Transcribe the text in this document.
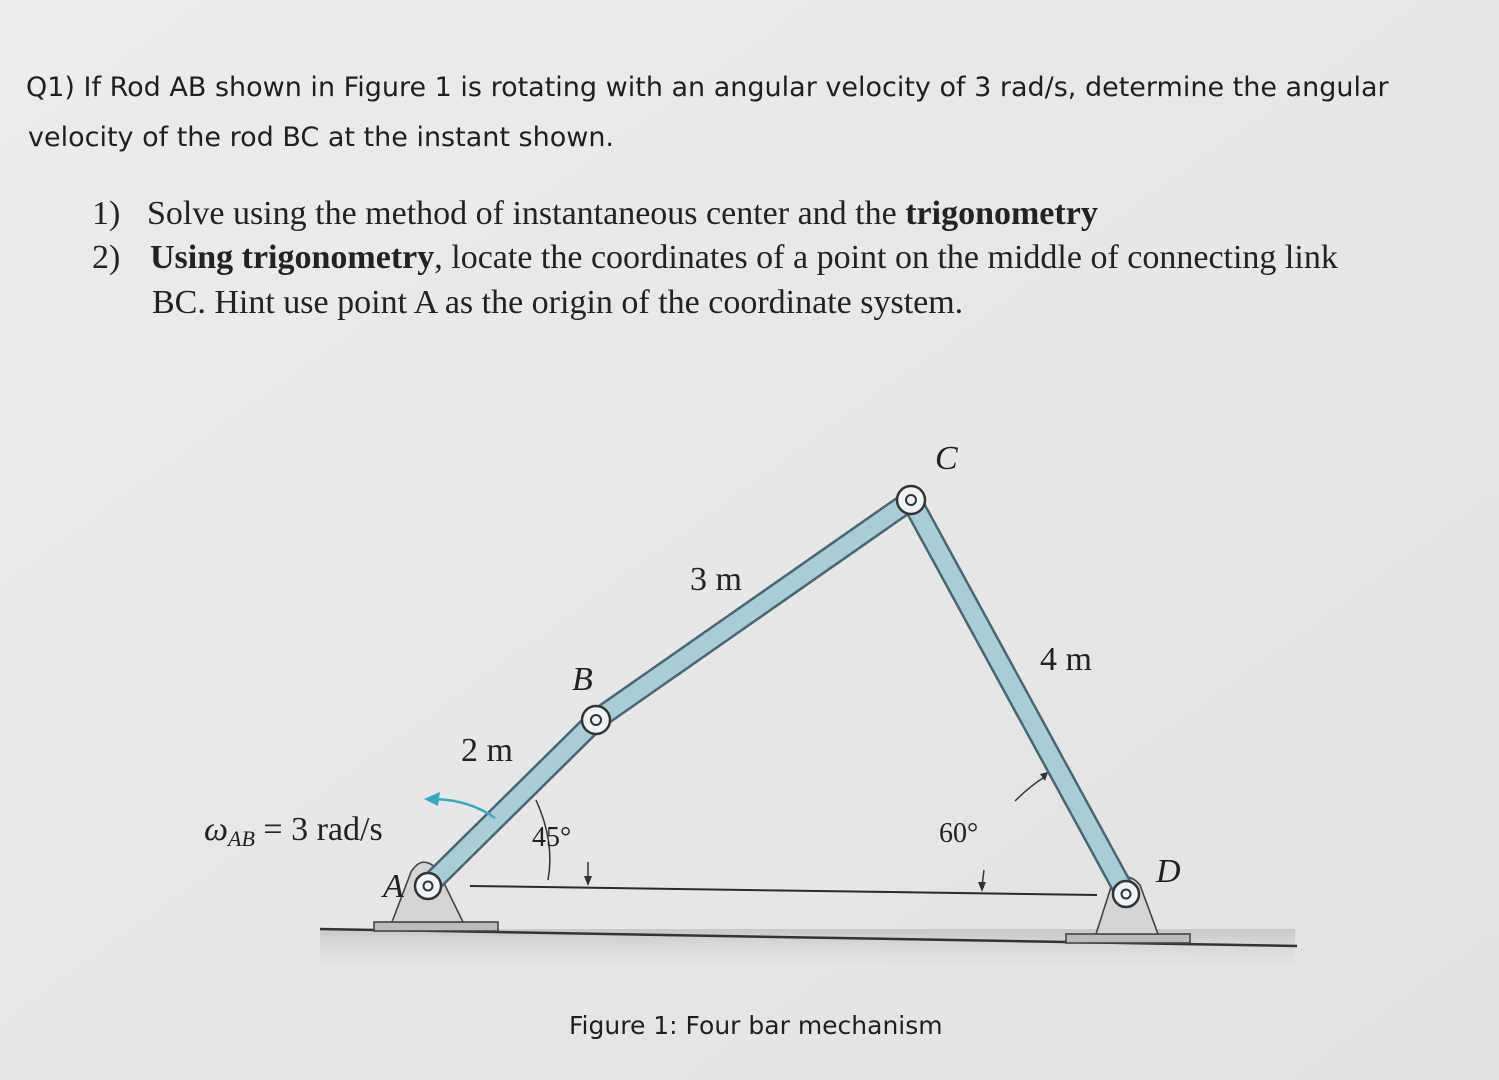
Q1) If Rod AB shown in Figure 1 is rotating with an angular velocity of 3 rad/s, determine the angular
velocity of the rod BC at the instant shown.
1) Solve using the method of instantaneous center and the trigonometry
2) Using trigonometry, locate the coordinates of a point on the middle of connecting link
BC. Hint use point A as the origin of the coordinate system.
C
B
A	D
3 m
4 m
2 m
45°	60°
ωAB = 3 rad/s
Figure 1: Four bar mechanism
